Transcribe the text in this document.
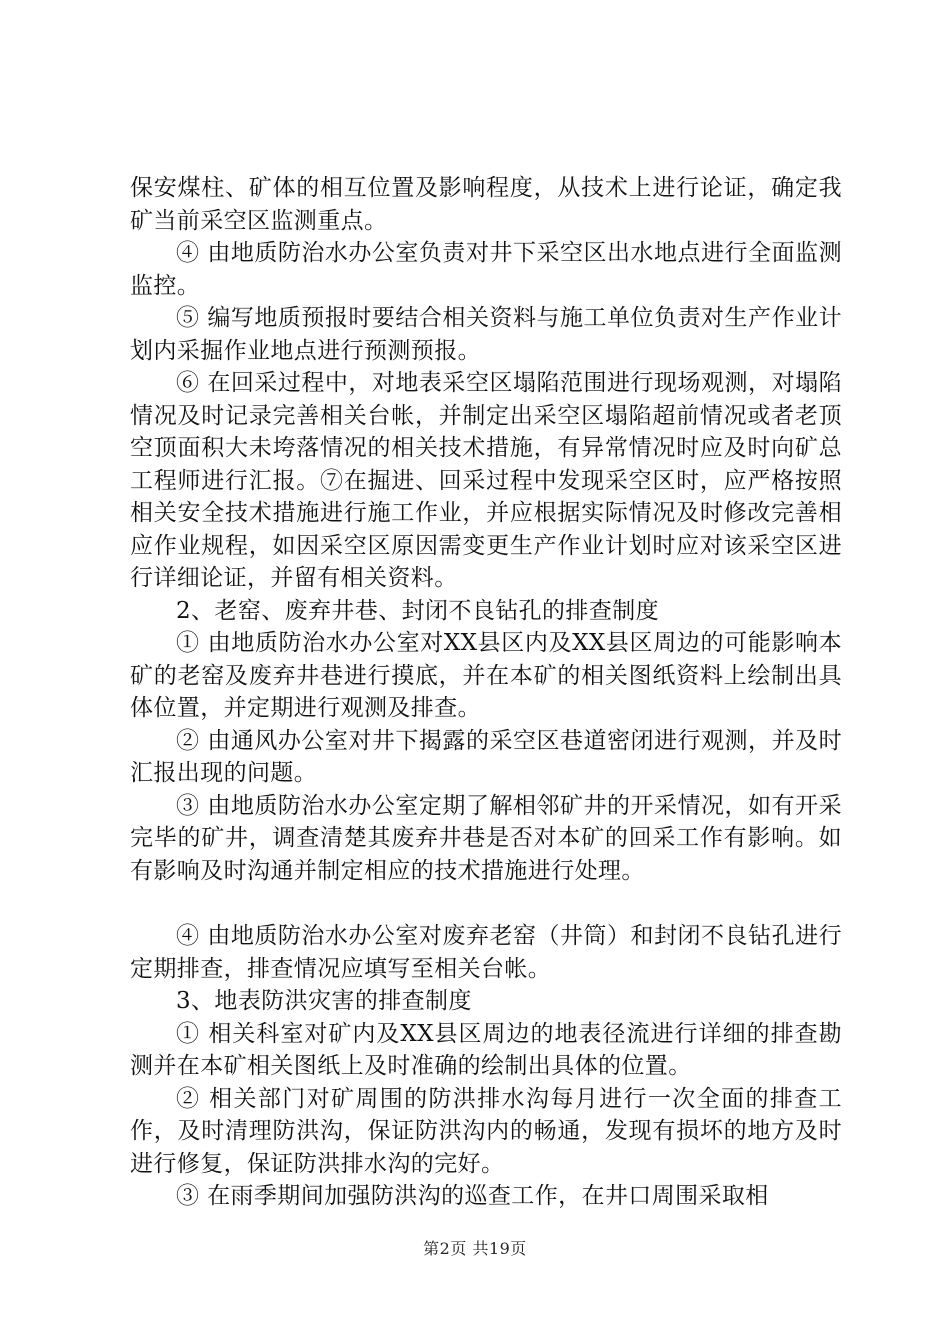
保安煤柱、矿体的相互位置及影响程度，从技术上进行论证，确定我矿当前采空区监测重点。

④ 由地质防治水办公室负责对井下采空区出水地点进行全面监测监控。

⑤ 编写地质预报时要结合相关资料与施工单位负责对生产作业计划内采掘作业地点进行预测预报。

⑥ 在回采过程中，对地表采空区塌陷范围进行现场观测，对塌陷情况及时记录完善相关台帐，并制定出采空区塌陷超前情况或者老顶空顶面积大未垮落情况的相关技术措施，有异常情况时应及时向矿总工程师进行汇报。⑦在掘进、回采过程中发现采空区时，应严格按照相关安全技术措施进行施工作业，并应根据实际情况及时修改完善相应作业规程，如因采空区原因需变更生产作业计划时应对该采空区进行详细论证，并留有相关资料。

2、老窑、废弃井巷、封闭不良钻孔的排查制度

① 由地质防治水办公室对XX县区内及XX县区周边的可能影响本矿的老窑及废弃井巷进行摸底，并在本矿的相关图纸资料上绘制出具体位置，并定期进行观测及排查。

② 由通风办公室对井下揭露的采空区巷道密闭进行观测，并及时汇报出现的问题。

③ 由地质防治水办公室定期了解相邻矿井的开采情况，如有开采完毕的矿井，调查清楚其废弃井巷是否对本矿的回采工作有影响。如有影响及时沟通并制定相应的技术措施进行处理。

④ 由地质防治水办公室对废弃老窑（井筒）和封闭不良钻孔进行定期排查，排查情况应填写至相关台帐。

3、地表防洪灾害的排查制度

① 相关科室对矿内及XX县区周边的地表径流进行详细的排查勘测并在本矿相关图纸上及时准确的绘制出具体的位置。

② 相关部门对矿周围的防洪排水沟每月进行一次全面的排查工作，及时清理防洪沟，保证防洪沟内的畅通，发现有损坏的地方及时进行修复，保证防洪排水沟的完好。

③ 在雨季期间加强防洪沟的巡查工作，在井口周围采取相

第2页 共19页
